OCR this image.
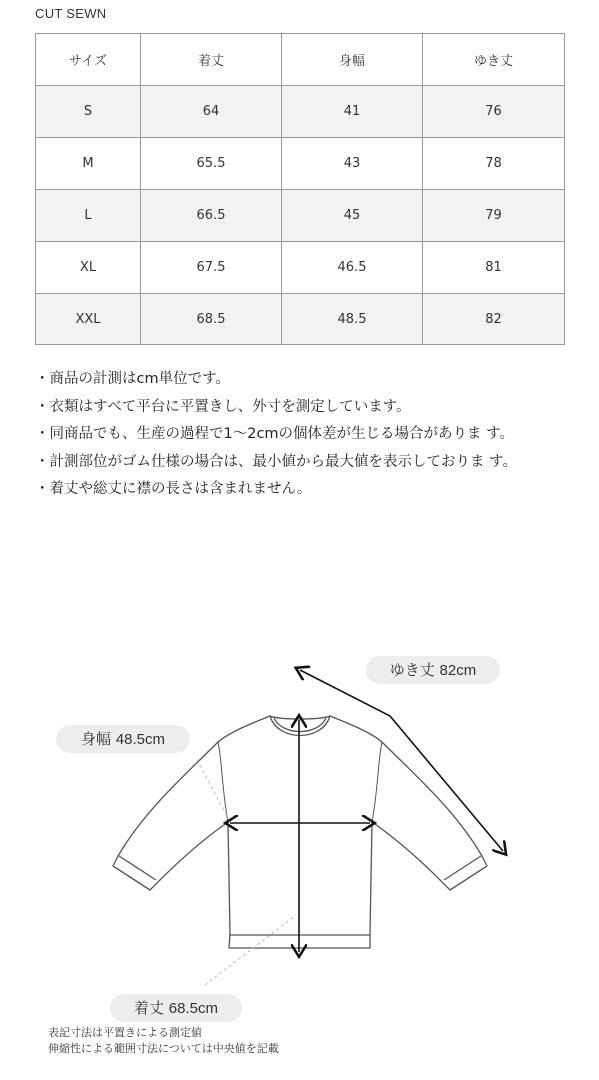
CUT SEWN
サイズ	着丈	身幅	ゆき丈
S	64	41	76
M	65.5	43	78
L	66.5	45	79
XL	67.5	46.5	81
XXL	68.5	48.5	82
・商品の計測はcm単位です。
・衣類はすべて平台に平置きし、外寸を測定しています。
・同商品でも、生産の過程で1〜2cmの個体差が生じる場合がありま す。
・計測部位がゴム仕様の場合は、最小値から最大値を表示しておりま す。
・着丈や総丈に襟の長さは含まれません。
ゆき丈 82cm
身幅 48.5cm
着丈 68.5cm
表記寸法は平置きによる測定値
伸縮性による範囲寸法については中央値を記載
